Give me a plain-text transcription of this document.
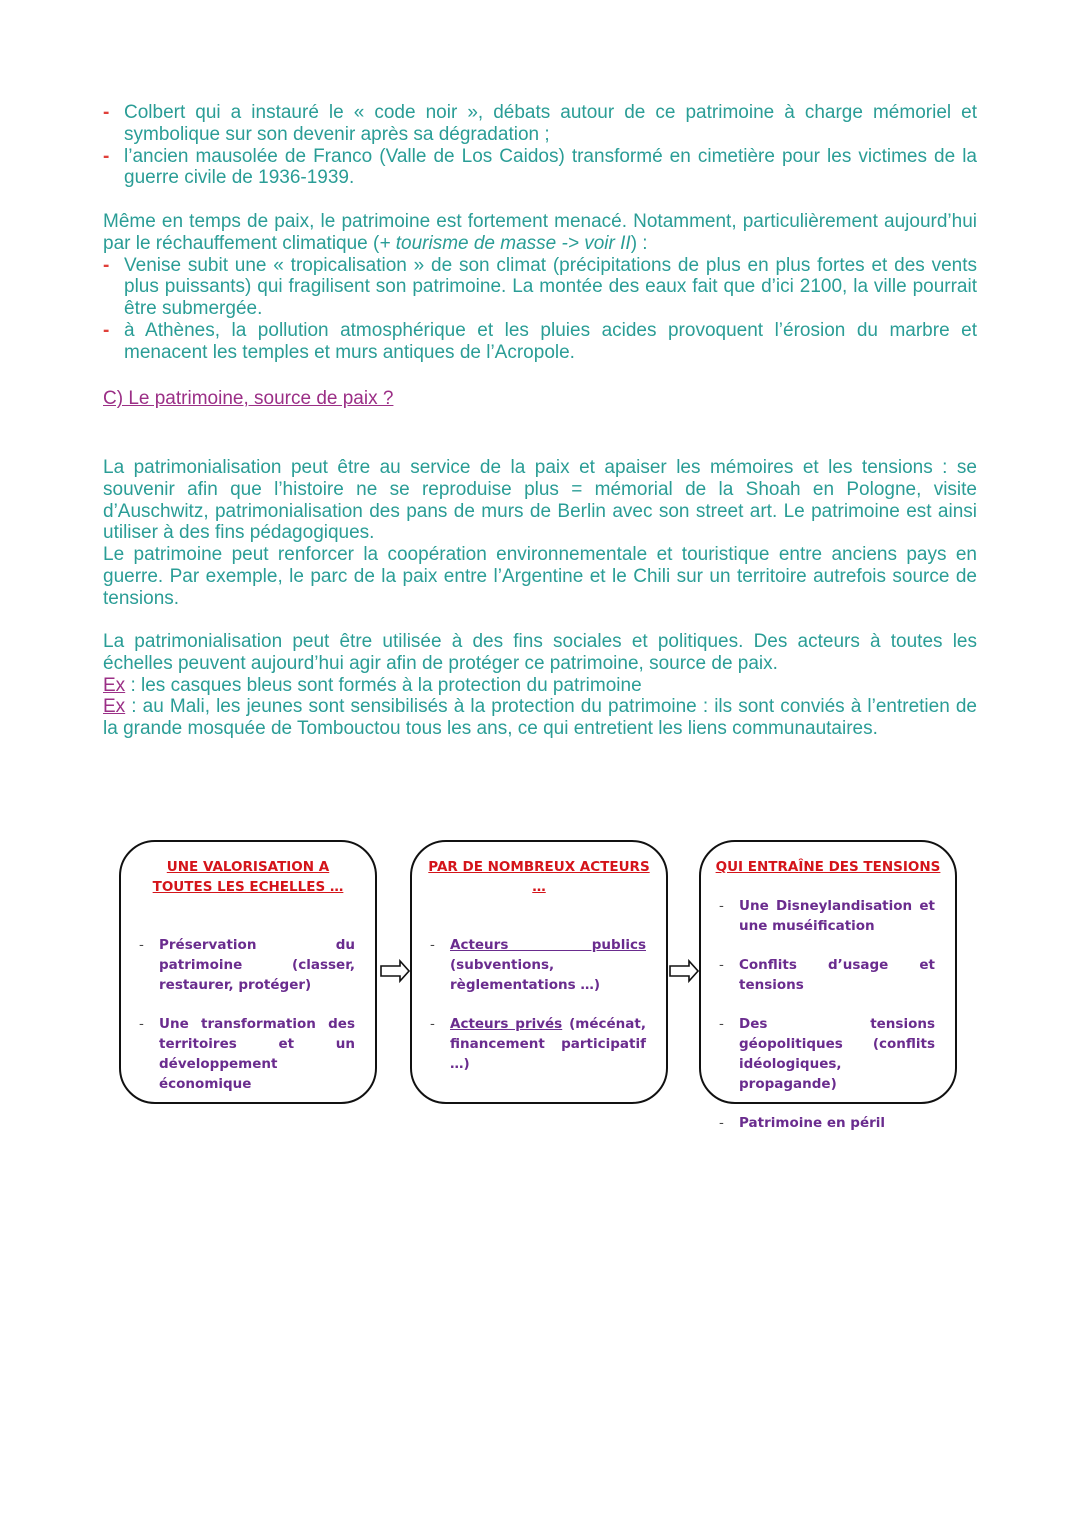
- Colbert qui a instauré le « code noir », débats autour de ce patrimoine à charge mémoriel et symbolique sur son devenir après sa dégradation ;
- l’ancien mausolée de Franco (Valle de Los Caidos) transformé en cimetière pour les victimes de la guerre civile de 1936-1939.

Même en temps de paix, le patrimoine est fortement menacé. Notamment, particulièrement aujourd’hui par le réchauffement climatique (+ tourisme de masse -> voir II) :

- Venise subit une « tropicalisation » de son climat (précipitations de plus en plus fortes et des vents plus puissants) qui fragilisent son patrimoine. La montée des eaux fait que d’ici 2100, la ville pourrait être submergée.
- à Athènes, la pollution atmosphérique et les pluies acides provoquent l’érosion du marbre et menacent les temples et murs antiques de l’Acropole.
C) Le patrimoine, source de paix ?

La patrimonialisation peut être au service de la paix et apaiser les mémoires et les tensions : se souvenir afin que l’histoire ne se reproduise plus = mémorial de la Shoah en Pologne, visite d’Auschwitz, patrimonialisation des pans de murs de Berlin avec son street art. Le patrimoine est ainsi utiliser à des fins pédagogiques.

Le patrimoine peut renforcer la coopération environnementale et touristique entre anciens pays en guerre. Par exemple, le parc de la paix entre l’Argentine et le Chili sur un territoire autrefois source de tensions.

La patrimonialisation peut être utilisée à des fins sociales et politiques. Des acteurs à toutes les échelles peuvent aujourd’hui agir afin de protéger ce patrimoine, source de paix.

Ex : les casques bleus sont formés à la protection du patrimoine

Ex : au Mali, les jeunes sont sensibilisés à la protection du patrimoine : ils sont conviés à l’entretien de la grande mosquée de Tombouctou tous les ans, ce qui entretient les liens communautaires.

UNE VALORISATION A TOUTES LES ECHELLES …
- Préservation du patrimoine (classer, restaurer, protéger)
- Une transformation des territoires et un développement économique
PAR DE NOMBREUX ACTEURS …
- Acteurs publics (subventions, règlementations …)
- Acteurs privés (mécénat, financement participatif …)
QUI ENTRAÎNE DES TENSIONS
- Une Disneylandisation et une muséification
- Conflits d’usage et tensions
- Des tensions géopolitiques (conflits idéologiques, propagande)
- Patrimoine en péril
